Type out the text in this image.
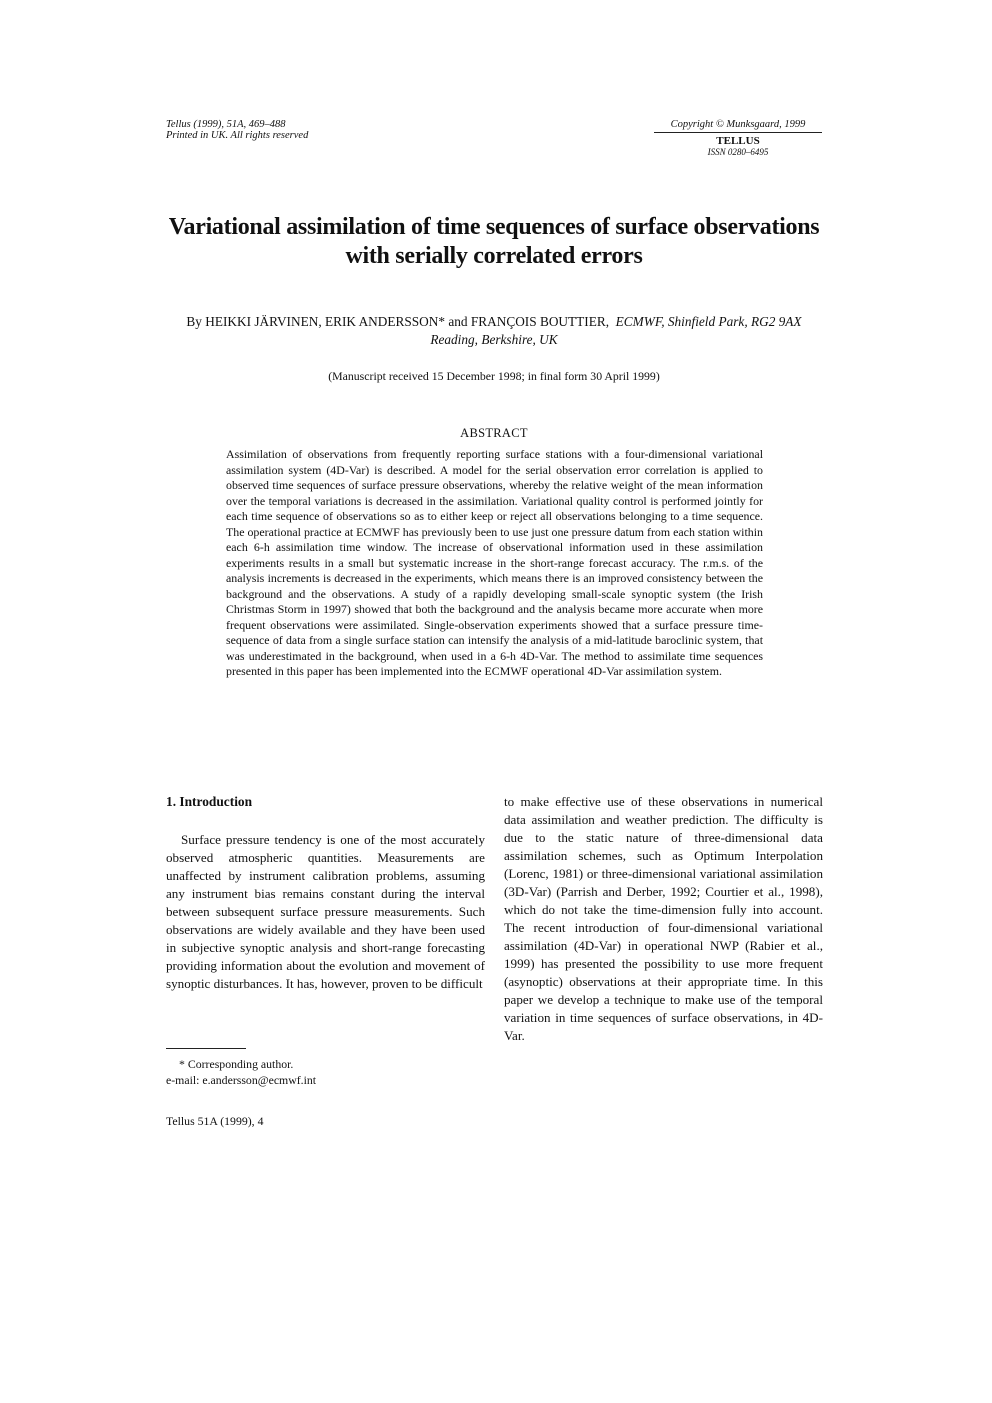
Tellus (1999), 51A, 469–488
Printed in UK. All rights reserved
Copyright © Munksgaard, 1999
TELLUS
ISSN 0280–6495
Variational assimilation of time sequences of surface observations with serially correlated errors
By HEIKKI JÄRVINEN, ERIK ANDERSSON* and FRANÇOIS BOUTTIER, ECMWF, Shinfield Park, RG2 9AX Reading, Berkshire, UK
(Manuscript received 15 December 1998; in final form 30 April 1999)
ABSTRACT
Assimilation of observations from frequently reporting surface stations with a four-dimensional variational assimilation system (4D-Var) is described. A model for the serial observation error correlation is applied to observed time sequences of surface pressure observations, whereby the relative weight of the mean information over the temporal variations is decreased in the assimilation. Variational quality control is performed jointly for each time sequence of observations so as to either keep or reject all observations belonging to a time sequence. The operational practice at ECMWF has previously been to use just one pressure datum from each station within each 6-h assimilation time window. The increase of observational information used in these assimilation experiments results in a small but systematic increase in the short-range forecast accuracy. The r.m.s. of the analysis increments is decreased in the experiments, which means there is an improved consistency between the background and the observations. A study of a rapidly developing small-scale synoptic system (the Irish Christmas Storm in 1997) showed that both the background and the analysis became more accurate when more frequent observations were assimilated. Single-observation experiments showed that a surface pressure time-sequence of data from a single surface station can intensify the analysis of a mid-latitude baroclinic system, that was underestimated in the background, when used in a 6-h 4D-Var. The method to assimilate time sequences presented in this paper has been implemented into the ECMWF operational 4D-Var assimilation system.
1. Introduction

Surface pressure tendency is one of the most accurately observed atmospheric quantities. Measurements are unaffected by instrument calibration problems, assuming any instrument bias remains constant during the interval between subsequent surface pressure measurements. Such observations are widely available and they have been used in subjective synoptic analysis and short-range forecasting providing information about the evolution and movement of synoptic disturbances. It has, however, proven to be difficult

to make effective use of these observations in numerical data assimilation and weather prediction. The difficulty is due to the static nature of three-dimensional data assimilation schemes, such as Optimum Interpolation (Lorenc, 1981) or three-dimensional variational assimilation (3D-Var) (Parrish and Derber, 1992; Courtier et al., 1998), which do not take the time-dimension fully into account. The recent introduction of four-dimensional variational assimilation (4D-Var) in operational NWP (Rabier et al., 1999) has presented the possibility to use more frequent (asynoptic) observations at their appropriate time. In this paper we develop a technique to make use of the temporal variation in time sequences of surface observations, in 4D-Var.

* Corresponding author.
e-mail: e.andersson@ecmwf.int
Tellus 51A (1999), 4
